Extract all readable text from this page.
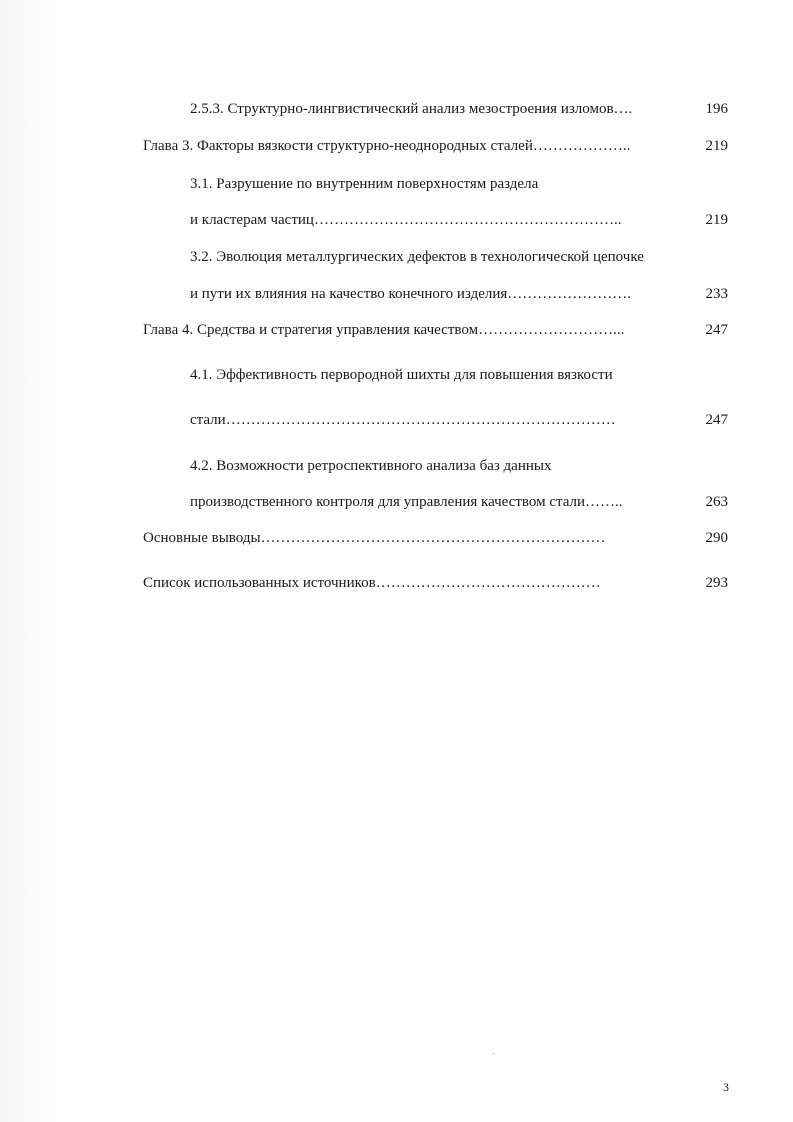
2.5.3. Структурно-лингвистический анализ мезостроения изломов….	196
Глава 3. Факторы вязкости структурно-неоднородных сталей………………..	219
3.1. Разрушение по внутренним поверхностям раздела
и кластерам частиц……………………………………………………..	219
3.2. Эволюция металлургических дефектов в технологической цепочке
и пути их влияния на качество конечного изделия…………………….	233
Глава 4. Средства и стратегия управления качеством………………………...	247
4.1. Эффективность первородной шихты для повышения вязкости
стали……………………………………………………………………	247
4.2. Возможности ретроспективного анализа баз данных
производственного контроля для управления качеством стали……..	263
Основные выводы……………………………………………………………	290
Список использованных источников………………………………………	293
3
